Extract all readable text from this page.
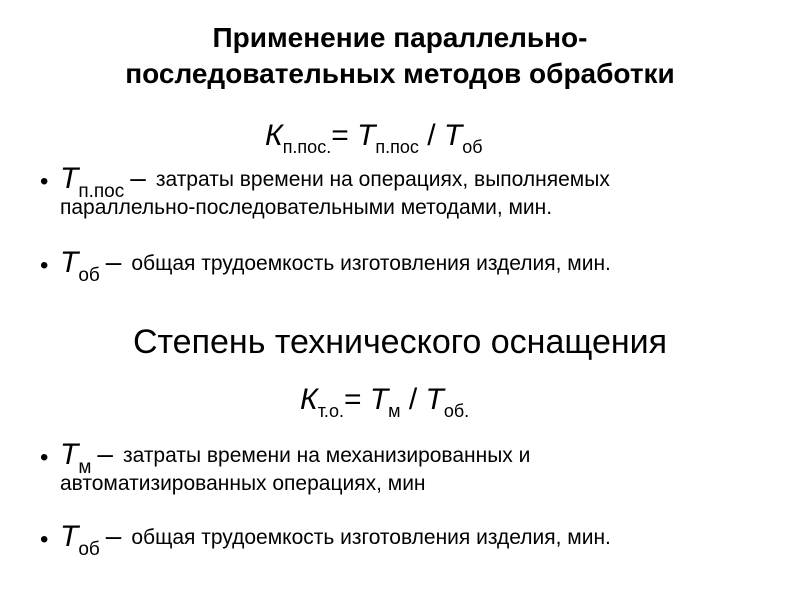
Применение параллельно-
последовательных методов обработки
$К_{п.пос.}= Т_{п.пос} / Т_{об}$
• $Т_{п.пос}$ – затраты времени на операциях, выполняемых
параллельно-последовательными методами, мин.
• $Т_{об}$ – общая трудоемкость изготовления изделия, мин.
Степень технического оснащения
$К_{т.о.}= Т_м / Т_{об.}$
• $Т_м$ – затраты времени на механизированных и
автоматизированных операциях, мин
• $Т_{об}$ – общая трудоемкость изготовления изделия, мин.
